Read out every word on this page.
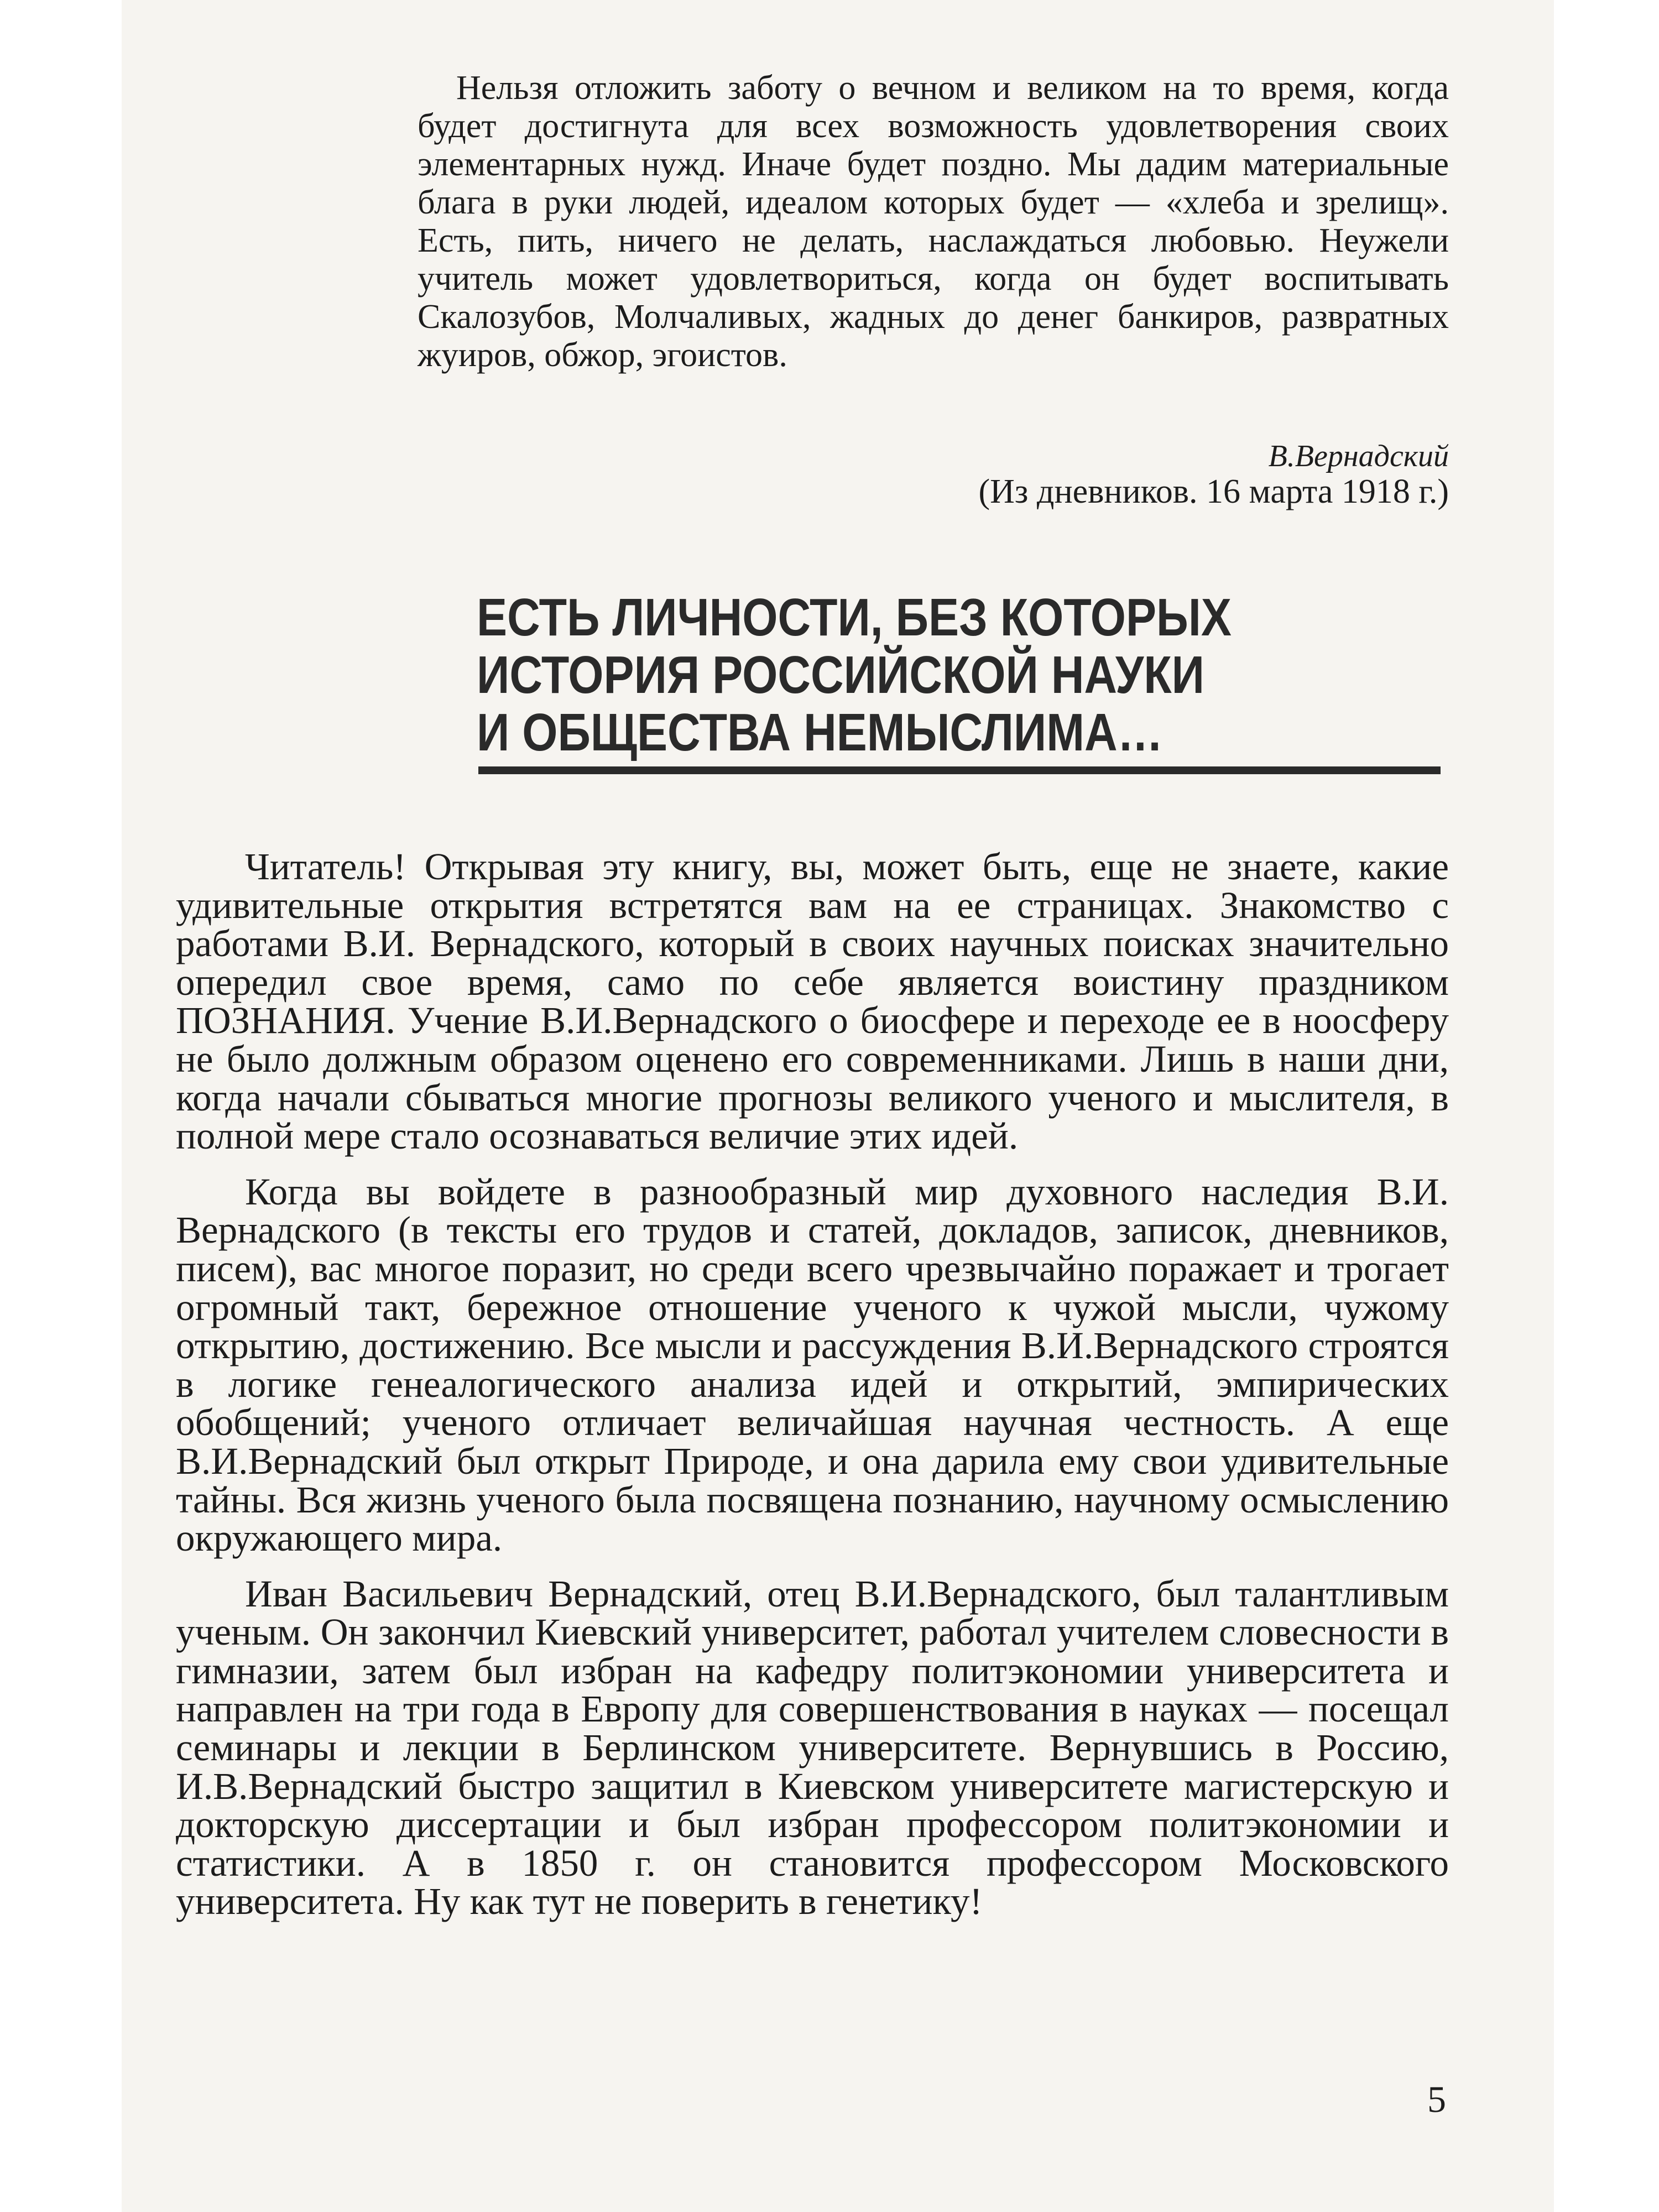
Нельзя отложить заботу о вечном и великом на то время, когда будет достигнута для всех возможность удовлетворения своих элементарных нужд. Иначе будет поздно. Мы дадим материальные блага в руки людей, идеалом которых будет — «хлеба и зрелищ». Есть, пить, ничего не делать, наслаждаться любовью. Неужели учитель может удовлетвориться, когда он будет воспитывать Скалозубов, Молчаливых, жадных до денег банкиров, развратных жуиров, обжор, эгоистов.

В.Вернадский

(Из дневников. 16 марта 1918 г.)

ЕСТЬ ЛИЧНОСТИ, БЕЗ КОТОРЫХ
ИСТОРИЯ РОССИЙСКОЙ НАУКИ
И ОБЩЕСТВА НЕМЫСЛИМА…

Читатель! Открывая эту книгу, вы, может быть, еще не знаете, какие удивительные открытия встретятся вам на ее страницах. Знакомство с работами В.И. Вернадского, который в своих научных поисках значительно опередил свое время, само по себе является воистину праздником ПОЗНАНИЯ. Учение В.И.Вернадского о биосфере и переходе ее в ноосферу не было должным образом оценено его современниками. Лишь в наши дни, когда начали сбываться многие прогнозы великого ученого и мыслителя, в полной мере стало осознаваться величие этих идей.

Когда вы войдете в разнообразный мир духовного наследия В.И. Вернадского (в тексты его трудов и статей, докладов, записок, дневников, писем), вас многое поразит, но среди всего чрезвычайно поражает и трогает огромный такт, бережное отношение ученого к чужой мысли, чужому открытию, достижению. Все мысли и рассуждения В.И.Вернадского строятся в логике генеалогического анализа идей и открытий, эмпирических обобщений; ученого отличает величайшая научная честность. А еще В.И.Вернадский был открыт Природе, и она дарила ему свои удивительные тайны. Вся жизнь ученого была посвящена познанию, научному осмыслению окружающего мира.

Иван Васильевич Вернадский, отец В.И.Вернадского, был талантливым ученым. Он закончил Киевский университет, работал учителем словесности в гимназии, затем был избран на кафедру политэкономии университета и направлен на три года в Европу для совершенствования в науках — посещал семинары и лекции в Берлинском университете. Вернувшись в Россию, И.В.Вернадский быстро защитил в Киевском университете магистерскую и докторскую диссертации и был избран профессором политэкономии и статистики. А в 1850 г. он становится профессором Московского университета. Ну как тут не поверить в генетику!

5
